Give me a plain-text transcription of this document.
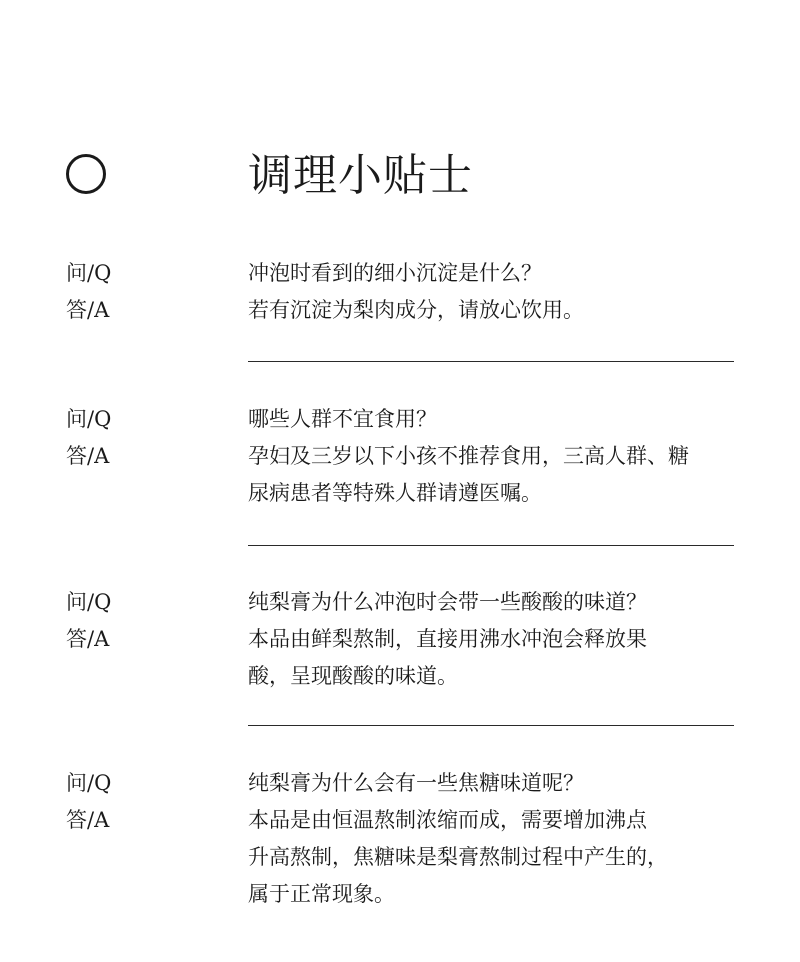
调理小贴士
问/Q
答/A
冲泡时看到的细小沉淀是什么？
若有沉淀为梨肉成分，请放心饮用。
问/Q
答/A
哪些人群不宜食用？
孕妇及三岁以下小孩不推荐食用，三高人群、糖
尿病患者等特殊人群请遵医嘱。
问/Q
答/A
纯梨膏为什么冲泡时会带一些酸酸的味道？
本品由鲜梨熬制，直接用沸水冲泡会释放果
酸，呈现酸酸的味道。
问/Q
答/A
纯梨膏为什么会有一些焦糖味道呢？
本品是由恒温熬制浓缩而成，需要增加沸点
升高熬制，焦糖味是梨膏熬制过程中产生的，
属于正常现象。
